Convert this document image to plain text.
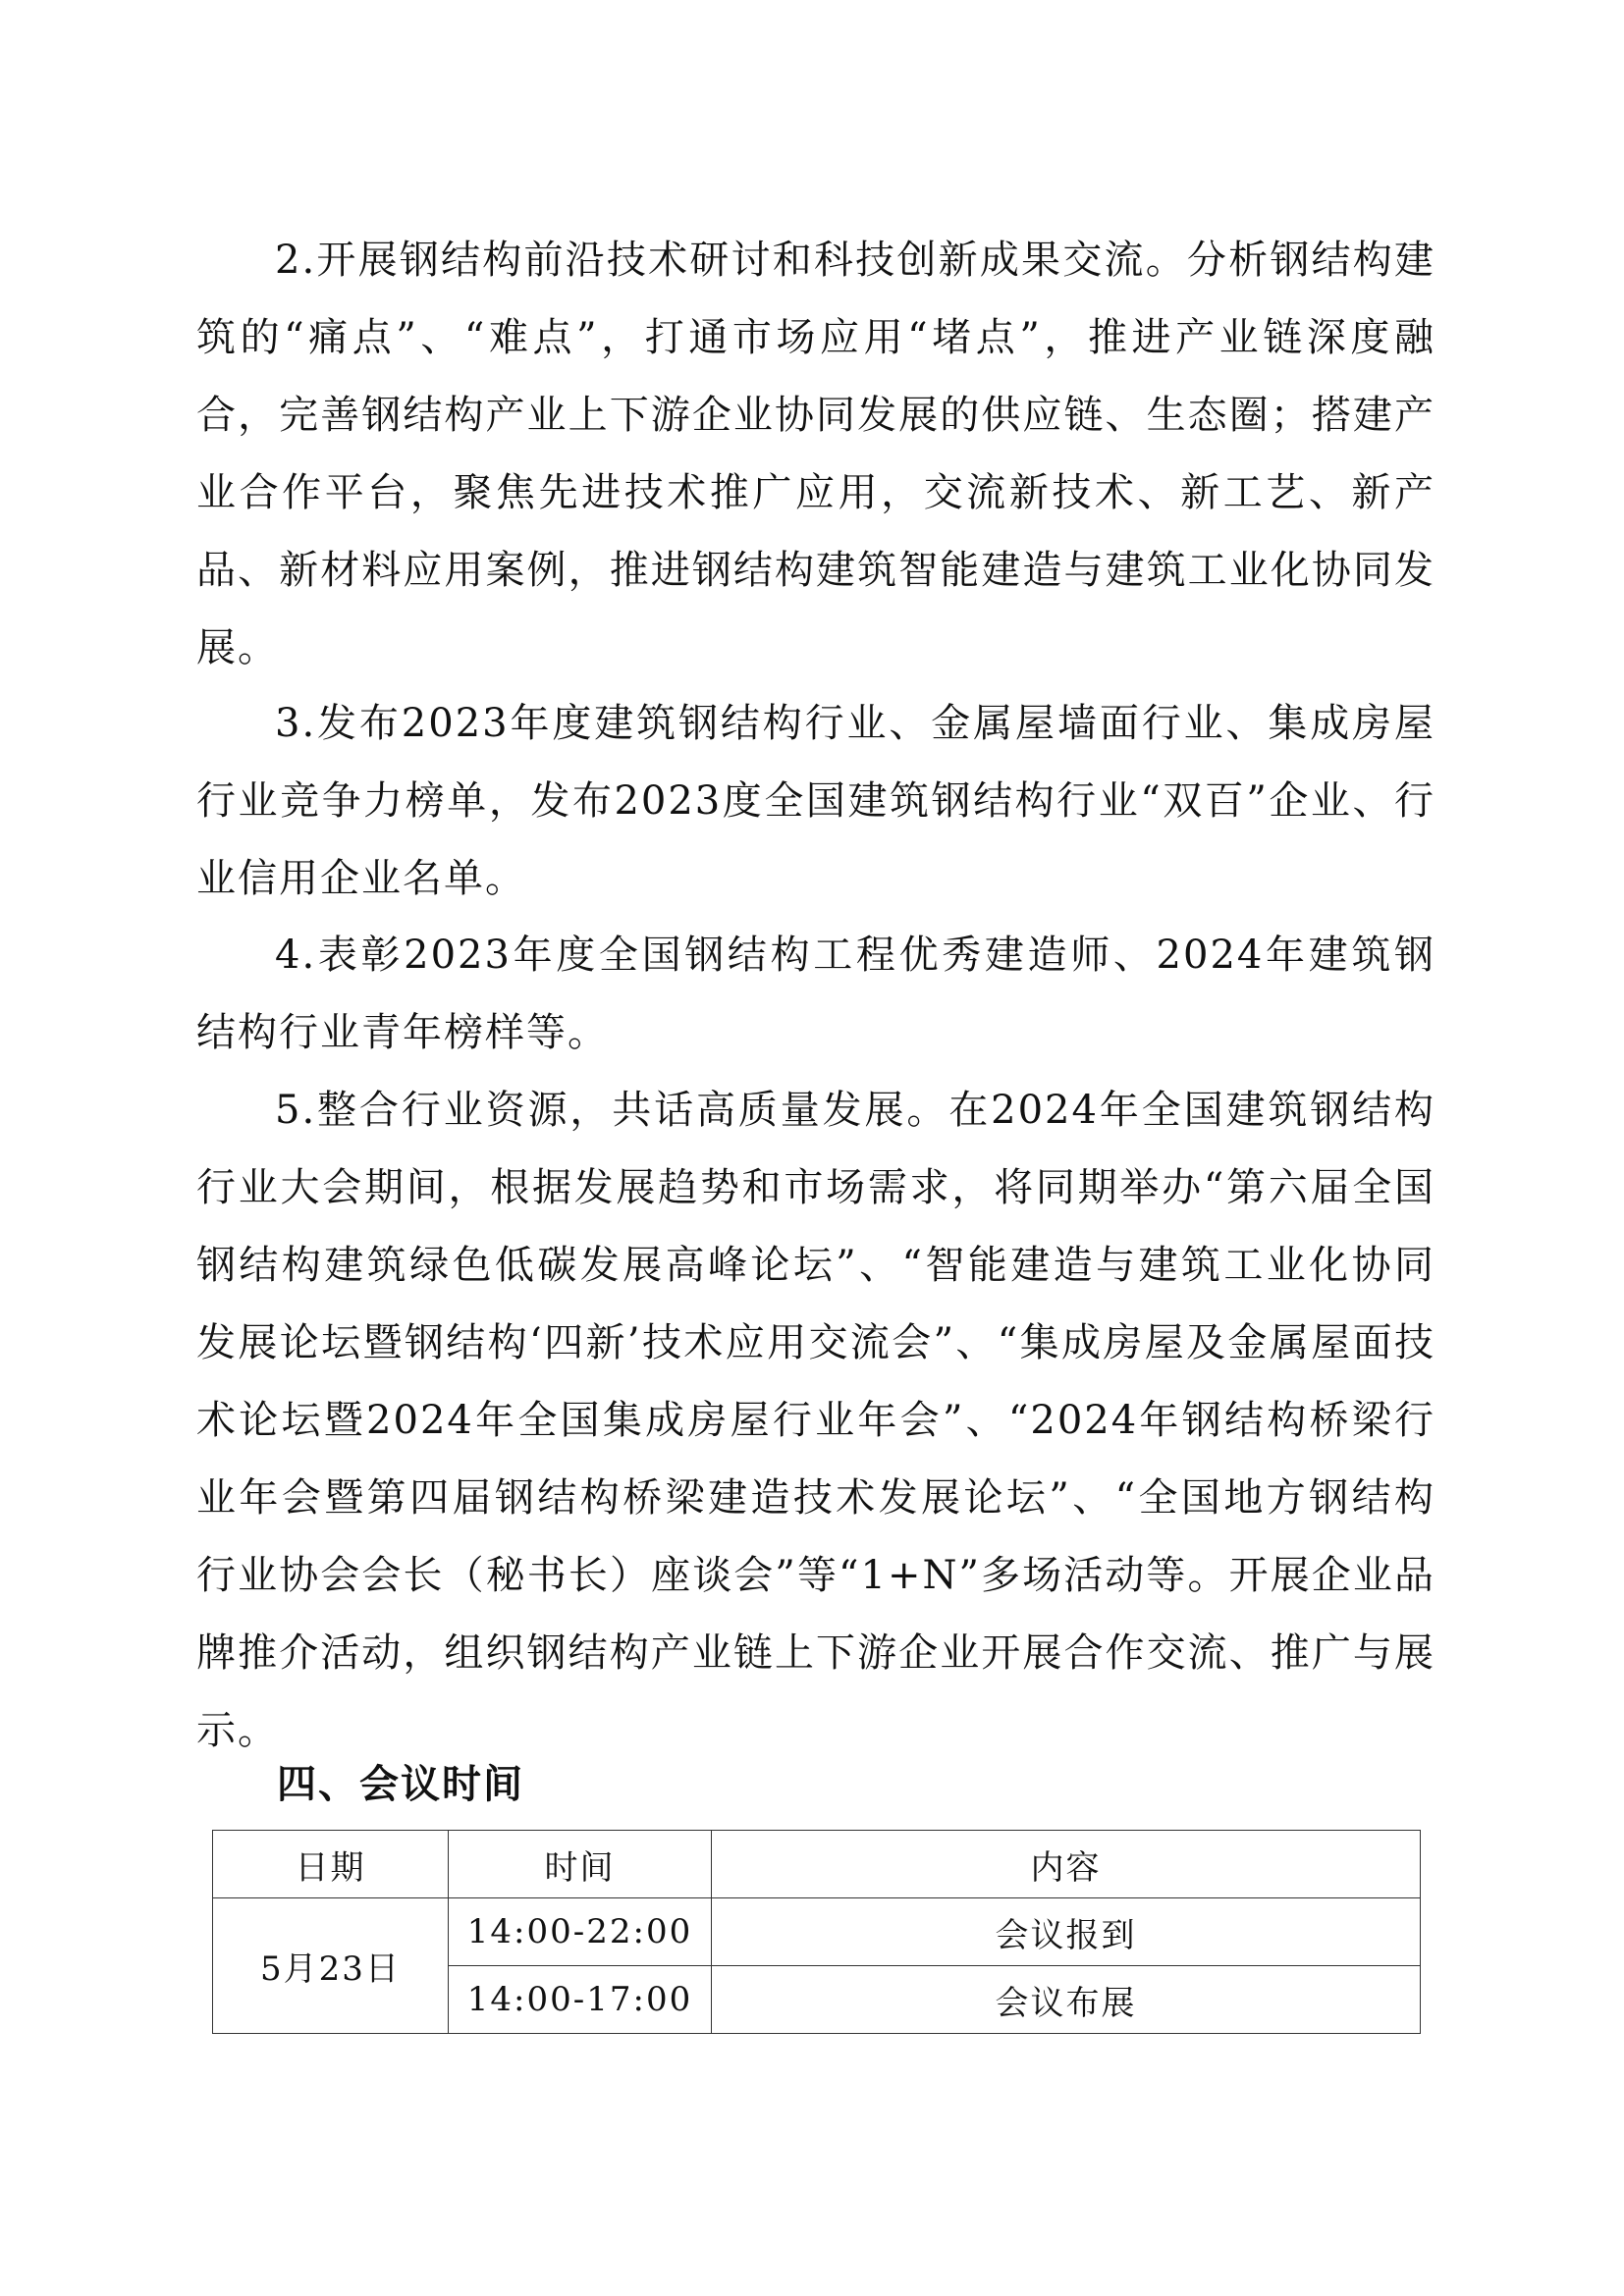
2.开展钢结构前沿技术研讨和科技创新成果交流。分析钢结构建筑的“痛点”、“难点”，打通市场应用“堵点”，推进产业链深度融合，完善钢结构产业上下游企业协同发展的供应链、生态圈；搭建产业合作平台，聚焦先进技术推广应用，交流新技术、新工艺、新产品、新材料应用案例，推进钢结构建筑智能建造与建筑工业化协同发展。

3.发布2023年度建筑钢结构行业、金属屋墙面行业、集成房屋行业竞争力榜单，发布2023度全国建筑钢结构行业“双百”企业、行业信用企业名单。

4.表彰2023年度全国钢结构工程优秀建造师、2024年建筑钢结构行业青年榜样等。

5.整合行业资源，共话高质量发展。在2024年全国建筑钢结构行业大会期间，根据发展趋势和市场需求，将同期举办“第六届全国钢结构建筑绿色低碳发展高峰论坛”、“智能建造与建筑工业化协同发展论坛暨钢结构‘四新’技术应用交流会”、“集成房屋及金属屋面技术论坛暨2024年全国集成房屋行业年会”、“2024年钢结构桥梁行业年会暨第四届钢结构桥梁建造技术发展论坛”、“全国地方钢结构行业协会会长（秘书长）座谈会”等“1+N”多场活动等。开展企业品牌推介活动，组织钢结构产业链上下游企业开展合作交流、推广与展示。

四、会议时间
日期	时间	内容
5月23日	14:00-22:00	会议报到
	14:00-17:00	会议布展
